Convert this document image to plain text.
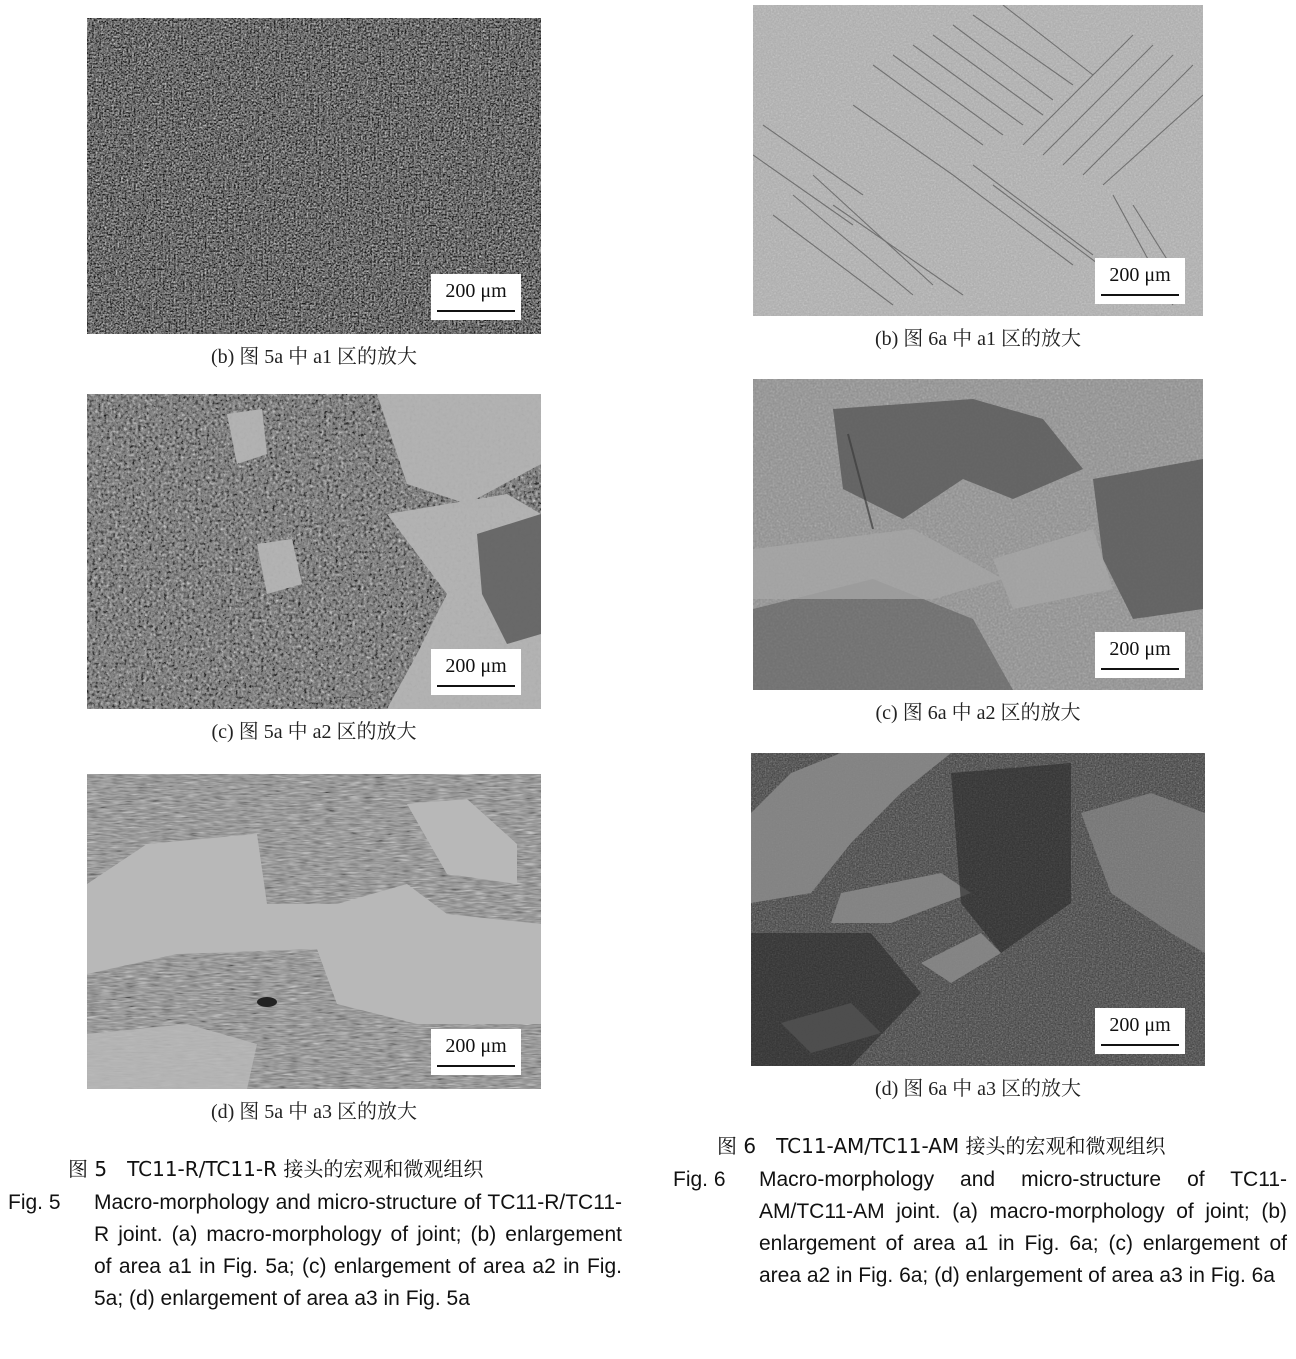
200 μm
(b) 图 5a 中 a1 区的放大
200 μm
(c) 图 5a 中 a2 区的放大
200 μm
(d) 图 5a 中 a3 区的放大
图 5　TC11-R/TC11-R 接头的宏观和微观组织
Fig. 5 Macro-morphology and micro-structure of TC11-R/TC11-R joint. (a) macro-morphology of joint; (b) enlargement of area a1 in Fig. 5a; (c) enlargement of area a2 in Fig. 5a; (d) enlargement of area a3 in Fig. 5a
200 μm
(b) 图 6a 中 a1 区的放大
200 μm
(c) 图 6a 中 a2 区的放大
200 μm
(d) 图 6a 中 a3 区的放大
图 6　TC11-AM/TC11-AM 接头的宏观和微观组织
Fig. 6 Macro-morphology and micro-structure of TC11-AM/TC11-AM joint. (a) macro-morphology of joint; (b) enlargement of area a1 in Fig. 6a; (c) enlargement of area a2 in Fig. 6a; (d) enlargement of area a3 in Fig. 6a
